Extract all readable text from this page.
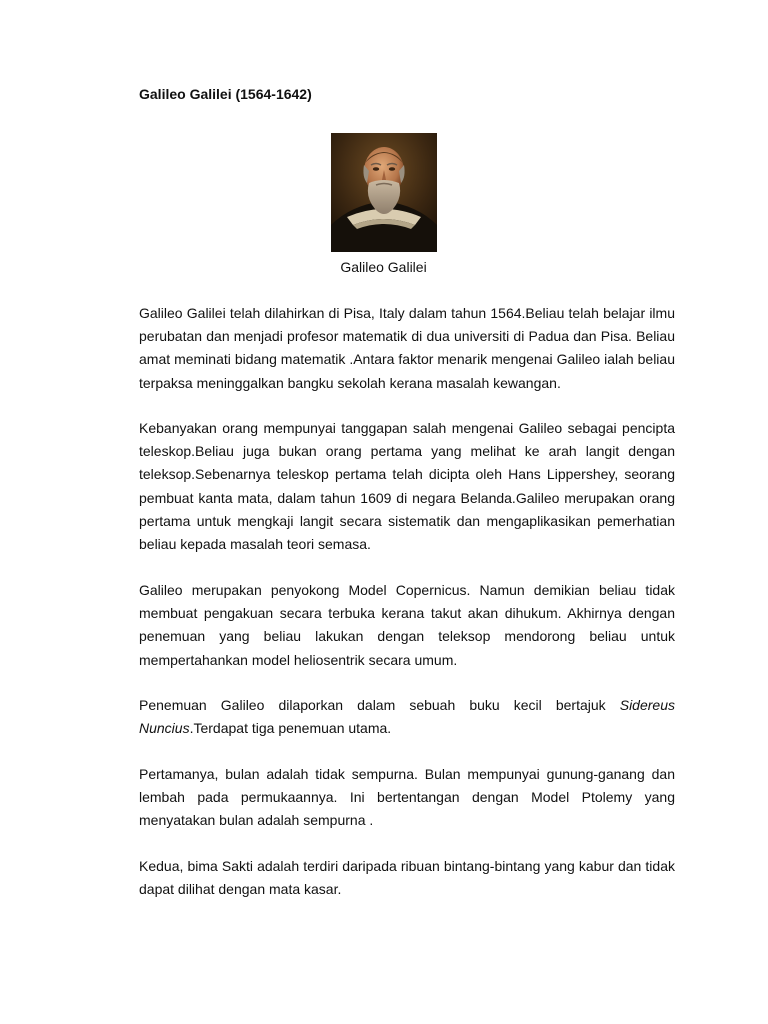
Galileo Galilei (1564-1642)

Galileo Galilei

Galileo Galilei telah dilahirkan di Pisa, Italy dalam tahun 1564.Beliau telah belajar ilmu perubatan dan menjadi profesor matematik di dua universiti di Padua dan Pisa. Beliau amat meminati bidang matematik .Antara faktor menarik mengenai Galileo ialah beliau terpaksa meninggalkan bangku sekolah kerana masalah kewangan.

Kebanyakan orang mempunyai tanggapan salah mengenai Galileo sebagai pencipta teleskop.Beliau juga bukan orang pertama yang melihat ke arah langit dengan teleksop.Sebenarnya teleskop pertama telah dicipta oleh Hans Lippershey, seorang pembuat kanta mata, dalam tahun 1609 di negara Belanda.Galileo merupakan orang pertama untuk mengkaji langit secara sistematik dan mengaplikasikan pemerhatian beliau kepada masalah teori semasa.

Galileo merupakan penyokong Model Copernicus. Namun demikian beliau tidak membuat pengakuan secara terbuka kerana takut akan dihukum. Akhirnya dengan penemuan yang beliau lakukan dengan teleksop mendorong beliau untuk mempertahankan model heliosentrik secara umum.

Penemuan Galileo dilaporkan dalam sebuah buku kecil bertajuk Sidereus Nuncius.Terdapat tiga penemuan utama.

Pertamanya, bulan adalah tidak sempurna. Bulan mempunyai gunung-ganang dan lembah pada permukaannya. Ini bertentangan dengan Model Ptolemy yang menyatakan bulan adalah sempurna .

Kedua, bima Sakti adalah terdiri daripada ribuan bintang-bintang yang kabur dan tidak dapat dilihat dengan mata kasar.
